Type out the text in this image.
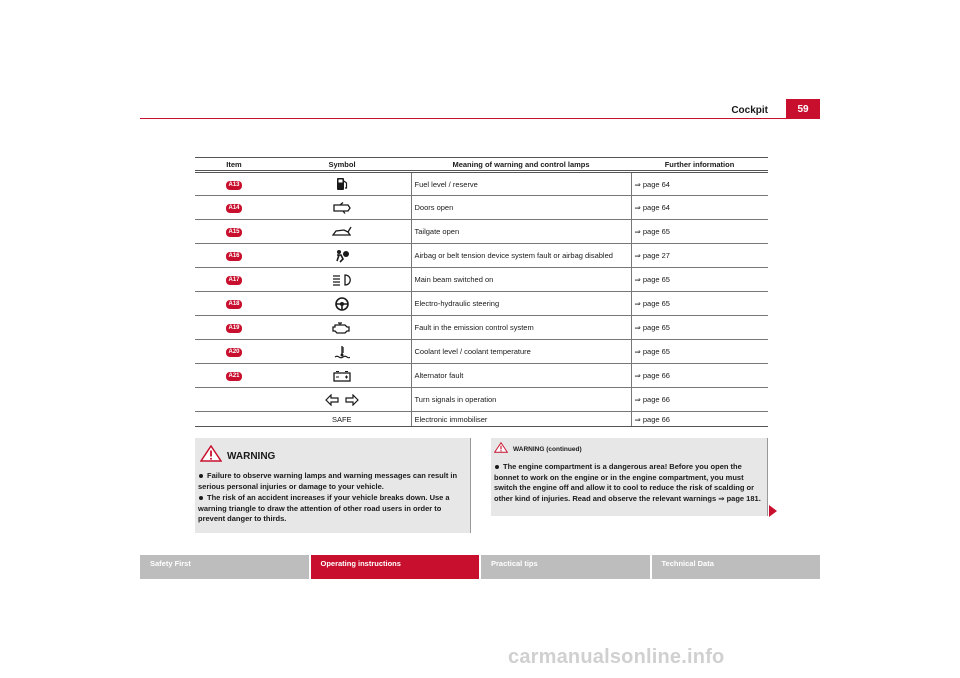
Cockpit	59
Item	Symbol	Meaning of warning and control lamps	Further information
A13		Fuel level / reserve	⇒ page 64
A14		Doors open	⇒ page 64
A15		Tailgate open	⇒ page 65
A16		Airbag or belt tension device system fault or airbag disabled	⇒ page 27
A17		Main beam switched on	⇒ page 65
A18		Electro-hydraulic steering	⇒ page 65
A19		Fault in the emission control system	⇒ page 65
A20		Coolant level / coolant temperature	⇒ page 65
A21		Alternator fault	⇒ page 66
		Turn signals in operation	⇒ page 66
	SAFE	Electronic immobiliser	⇒ page 66
WARNING

Failure to observe warning lamps and warning messages can result in serious personal injuries or damage to your vehicle.

The risk of an accident increases if your vehicle breaks down. Use a warning triangle to draw the attention of other road users in order to prevent danger to thirds.

WARNING (continued)

The engine compartment is a dangerous area! Before you open the bonnet to work on the engine or in the engine compartment, you must switch the engine off and allow it to cool to reduce the risk of scalding or other kind of injuries. Read and observe the relevant warnings ⇒ page 181.

Safety First	Operating instructions	Practical tips	Technical Data
carmanualsonline.info
